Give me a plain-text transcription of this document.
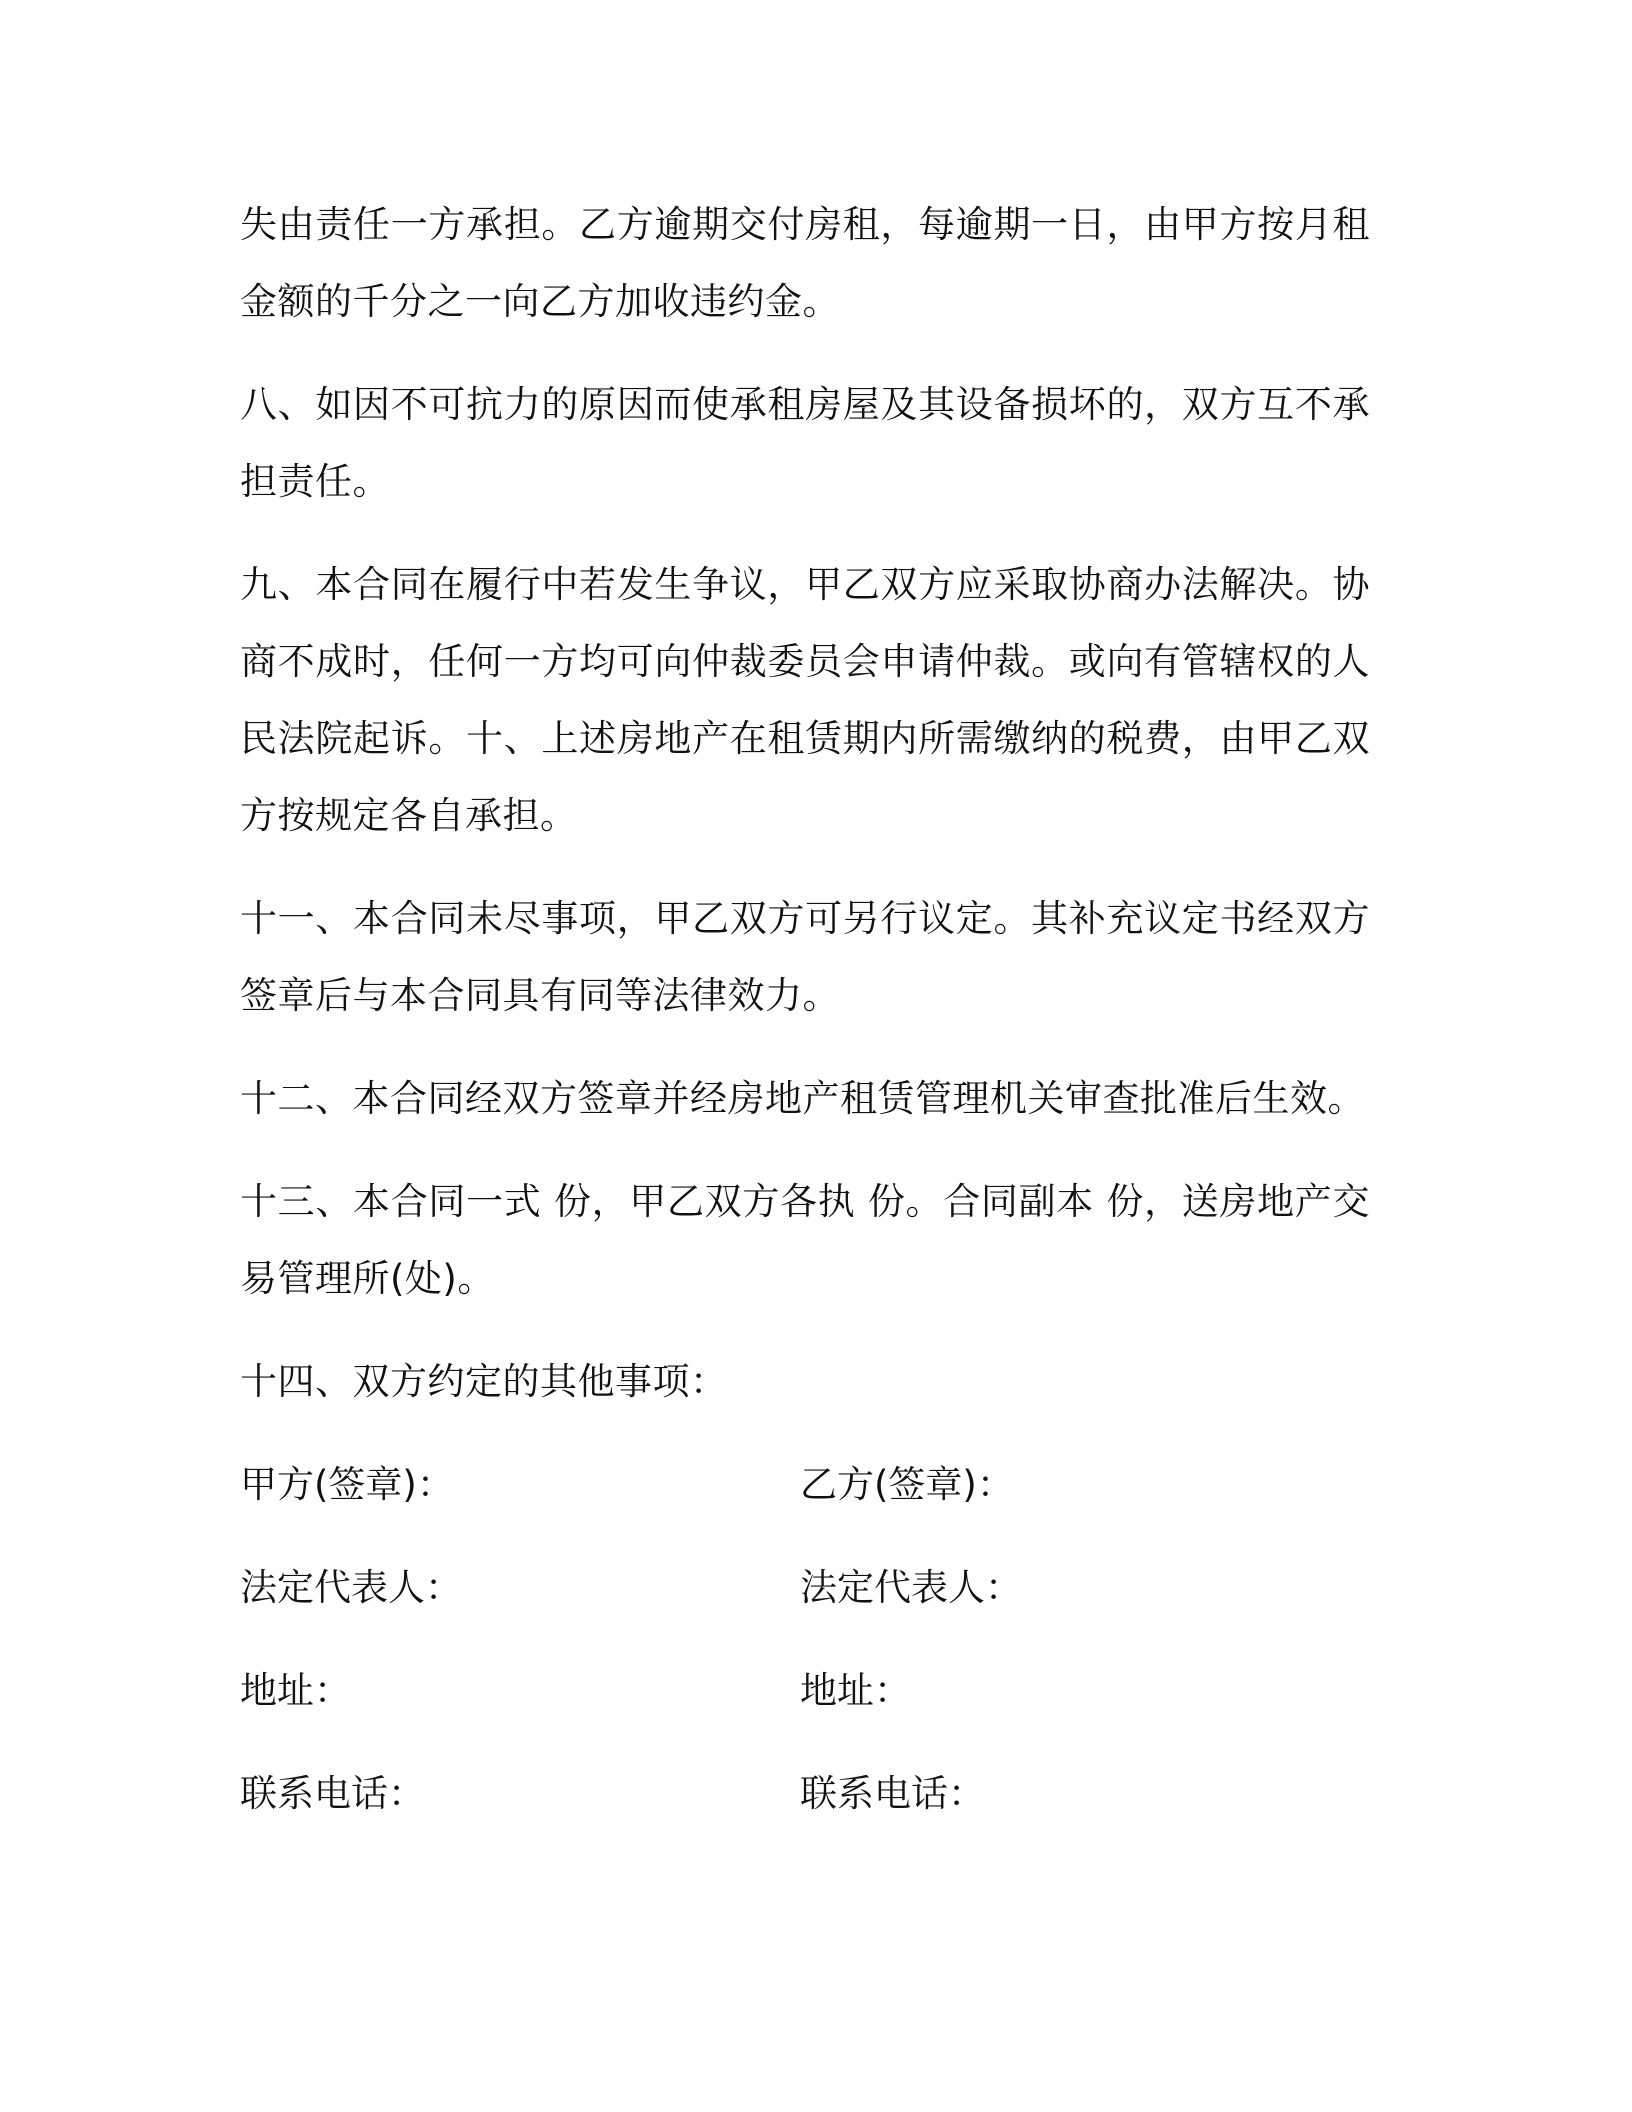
失由责任一方承担。乙方逾期交付房租，每逾期一日，由甲方按月租金额的千分之一向乙方加收违约金。

八、如因不可抗力的原因而使承租房屋及其设备损坏的，双方互不承担责任。

九、本合同在履行中若发生争议，甲乙双方应采取协商办法解决。协商不成时，任何一方均可向仲裁委员会申请仲裁。或向有管辖权的人民法院起诉。十、上述房地产在租赁期内所需缴纳的税费，由甲乙双方按规定各自承担。

十一、本合同未尽事项，甲乙双方可另行议定。其补充议定书经双方签章后与本合同具有同等法律效力。

十二、本合同经双方签章并经房地产租赁管理机关审查批准后生效。

十三、本合同一式 份，甲乙双方各执 份。合同副本 份，送房地产交易管理所(处)。

十四、双方约定的其他事项：

甲方(签章)：	乙方(签章)：
法定代表人：	法定代表人：
地址：	地址：
联系电话：	联系电话：
